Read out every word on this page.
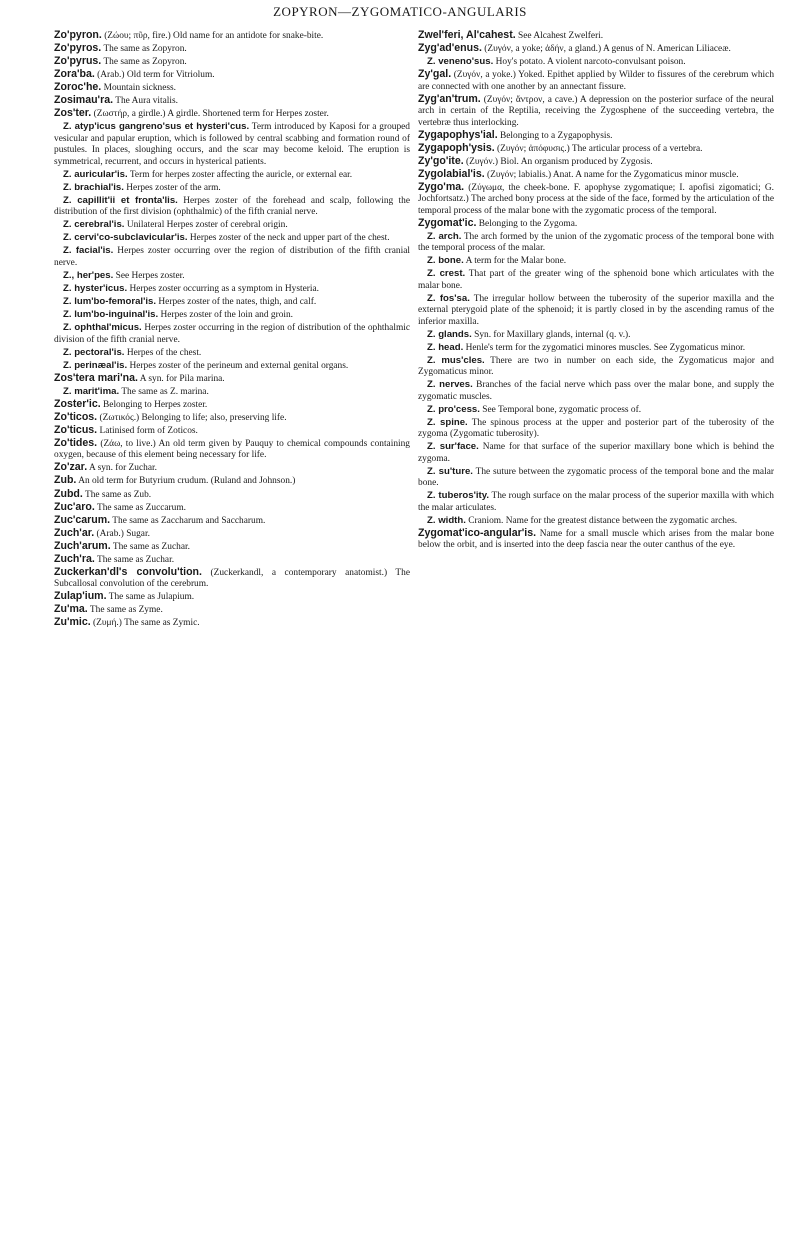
ZOPYRON—ZYGOMATICO-ANGULARIS

Zo'pyron. (Ζώου; πῦρ, fire.) Old name for an antidote for snake-bite.

Zo'pyros. The same as Zopyron.

Zo'pyrus. The same as Zopyron.

Zora'ba. (Arab.) Old term for Vitriolum.

Zoroc'he. Mountain sickness.

Zosimau'ra. The Aura vitalis.

Zos'ter. (Ζωστήρ, a girdle.) A girdle. Shortened term for Herpes zoster.

Z. atyp'icus gangreno'sus et hysteri'cus. Term introduced by Kaposi for a grouped vesicular and papular eruption, which is followed by central scabbing and formation round of pustules. In places, sloughing occurs, and the scar may become keloid. The eruption is symmetrical, recurrent, and occurs in hysterical patients.

Z. auricular'is. Term for herpes zoster affecting the auricle, or external ear.

Z. brachial'is. Herpes zoster of the arm.

Z. capillit'ii et fronta'lis. Herpes zoster of the forehead and scalp, following the distribution of the first division (ophthalmic) of the fifth cranial nerve.

Z. cerebral'is. Unilateral Herpes zoster of cerebral origin.

Z. cervi'co-subclavicular'is. Herpes zoster of the neck and upper part of the chest.

Z. facial'is. Herpes zoster occurring over the region of distribution of the fifth cranial nerve.

Z., her'pes. See Herpes zoster.

Z. hyster'icus. Herpes zoster occurring as a symptom in Hysteria.

Z. lum'bo-femoral'is. Herpes zoster of the nates, thigh, and calf.

Z. lum'bo-inguinal'is. Herpes zoster of the loin and groin.

Z. ophthal'micus. Herpes zoster occurring in the region of distribution of the ophthalmic division of the fifth cranial nerve.

Z. pectoral'is. Herpes of the chest.

Z. perinæal'is. Herpes zoster of the perineum and external genital organs.

Zos'tera mari'na. A syn. for Pila marina.

Z. marit'ima. The same as Z. marina.

Zoster'ic. Belonging to Herpes zoster.

Zo'ticos. (Ζωτικός.) Belonging to life; also, preserving life.

Zo'ticus. Latinised form of Zoticos.

Zo'tides. (Ζάω, to live.) An old term given by Pauquy to chemical compounds containing oxygen, because of this element being necessary for life.

Zo'zar. A syn. for Zuchar.

Zub. An old term for Butyrium crudum. (Ruland and Johnson.)

Zubd. The same as Zub.

Zuc'aro. The same as Zuccarum.

Zuc'carum. The same as Zaccharum and Saccharum.

Zuch'ar. (Arab.) Sugar.

Zuch'arum. The same as Zuchar.

Zuch'ra. The same as Zuchar.

Zuckerkan'dl's convolu'tion. (Zuckerkandl, a contemporary anatomist.) The Subcallosal convolution of the cerebrum.

Zulap'ium. The same as Julapium.

Zu'ma. The same as Zyme.

Zu'mic. (Ζυμή.) The same as Zymic.

Zwel'feri, Al'cahest. See Alcahest Zwelferi.

Zyg'ad'enus. (Ζυγόν, a yoke; ἀδήν, a gland.) A genus of N. American Liliaceæ.

Z. veneno'sus. Hoy's potato. A violent narcoto-convulsant poison.

Zy'gal. (Ζυγόν, a yoke.) Yoked. Epithet applied by Wilder to fissures of the cerebrum which are connected with one another by an annectant fissure.

Zyg'an'trum. (Ζυγόν; ἄντρον, a cave.) A depression on the posterior surface of the neural arch in certain of the Reptilia, receiving the Zygosphene of the succeeding vertebra, the vertebræ thus interlocking.

Zygapophys'ial. Belonging to a Zygapophysis.

Zygapoph'ysis. (Ζυγόν; ἀπόφυσις.) The articular process of a vertebra.

Zy'go'ite. (Ζυγόν.) Biol. An organism produced by Zygosis.

Zygolabial'is. (Ζυγόν; labialis.) Anat. A name for the Zygomaticus minor muscle.

Zygo'ma. (Ζύγωμα, the cheek-bone. F. apophyse zygomatique; I. apofisi zigomatici; G. Jochfortsatz.) The arched bony process at the side of the face, formed by the articulation of the temporal process of the malar bone with the zygomatic process of the temporal.

Zygomat'ic. Belonging to the Zygoma.

Z. arch. The arch formed by the union of the zygomatic process of the temporal bone with the temporal process of the malar.

Z. bone. A term for the Malar bone.

Z. crest. That part of the greater wing of the sphenoid bone which articulates with the malar bone.

Z. fos'sa. The irregular hollow between the tuberosity of the superior maxilla and the external pterygoid plate of the sphenoid; it is partly closed in by the ascending ramus of the inferior maxilla.

Z. glands. Syn. for Maxillary glands, internal (q. v.).

Z. head. Henle's term for the zygomatici minores muscles. See Zygomaticus minor.

Z. mus'cles. There are two in number on each side, the Zygomaticus major and Zygomaticus minor.

Z. nerves. Branches of the facial nerve which pass over the malar bone, and supply the zygomatic muscles.

Z. pro'cess. See Temporal bone, zygomatic process of.

Z. spine. The spinous process at the upper and posterior part of the tuberosity of the zygoma (Zygomatic tuberosity).

Z. sur'face. Name for that surface of the superior maxillary bone which is behind the zygoma.

Z. su'ture. The suture between the zygomatic process of the temporal bone and the malar bone.

Z. tuberos'ity. The rough surface on the malar process of the superior maxilla with which the malar articulates.

Z. width. Craniom. Name for the greatest distance between the zygomatic arches.

Zygomat'ico-angular'is. Name for a small muscle which arises from the malar bone below the orbit, and is inserted into the deep fascia near the outer canthus of the eye.
